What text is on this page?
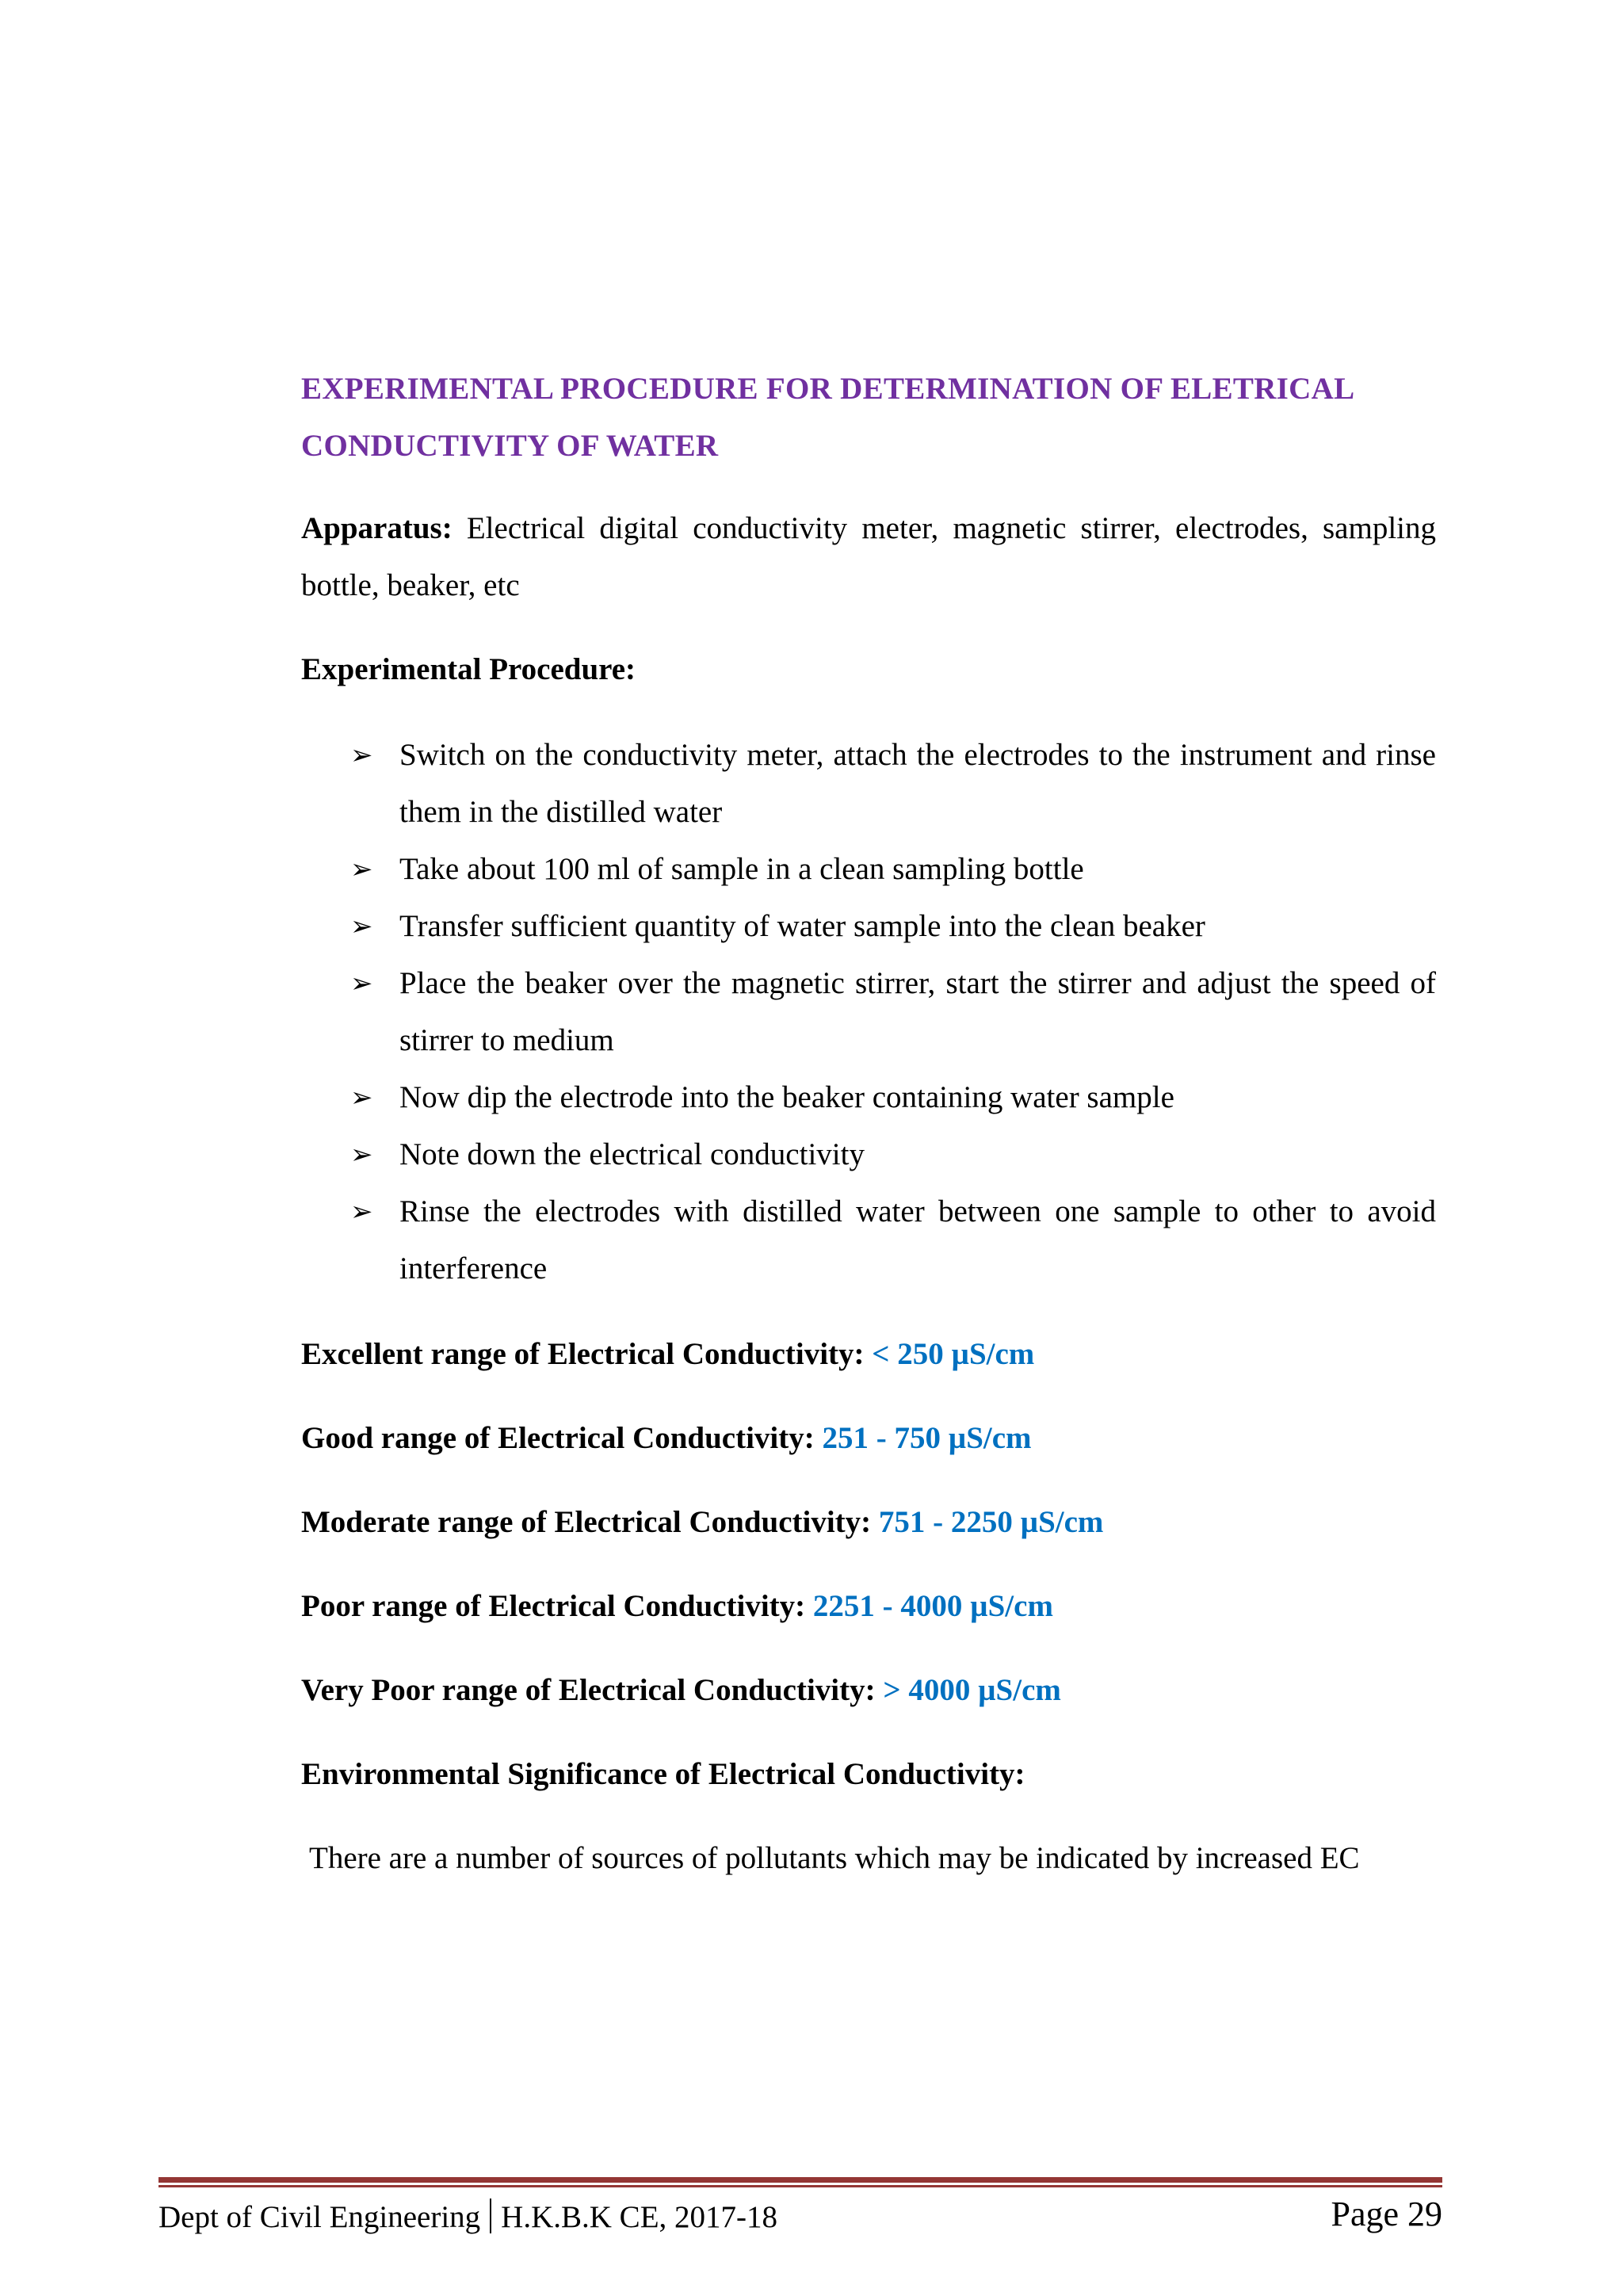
EXPERIMENTAL PROCEDURE FOR DETERMINATION OF ELETRICAL
CONDUCTIVITY OF WATER

Apparatus: Electrical digital conductivity meter, magnetic stirrer, electrodes, sampling bottle, beaker, etc

Experimental Procedure:

➢ Switch on the conductivity meter, attach the electrodes to the instrument and rinse them in the distilled water
➢ Take about 100 ml of sample in a clean sampling bottle
➢ Transfer sufficient quantity of water sample into the clean beaker
➢ Place the beaker over the magnetic stirrer, start the stirrer and adjust the speed of stirrer to medium
➢ Now dip the electrode into the beaker containing water sample
➢ Note down the electrical conductivity
➢ Rinse the electrodes with distilled water between one sample to other to avoid interference

Excellent range of Electrical Conductivity: < 250 µS/cm

Good range of Electrical Conductivity: 251 - 750 µS/cm

Moderate range of Electrical Conductivity: 751 - 2250 µS/cm

Poor range of Electrical Conductivity: 2251 - 4000 µS/cm

Very Poor range of Electrical Conductivity: > 4000 µS/cm

Environmental Significance of Electrical Conductivity:

There are a number of sources of pollutants which may be indicated by increased EC

Dept of Civil Engineering H.K.B.K CE, 2017-18	Page 29
